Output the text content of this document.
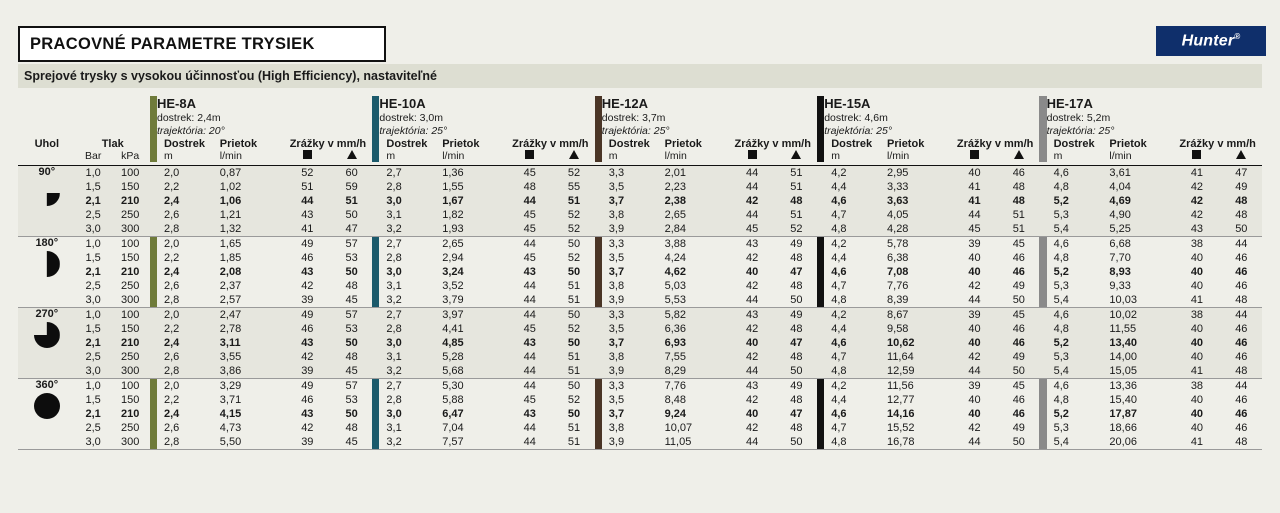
PRACOVNÉ PARAMETRE TRYSIEK	Hunter®
Sprejové trysky s vysokou účinnosťou (High Efficiency), nastaviteľné

HE-8A
dostrek: 2,4m
trajektória: 20°

HE-10A
dostrek: 3,0m
trajektória: 25°

HE-12A
dostrek: 3,7m
trajektória: 25°

HE-15A
dostrek: 4,6m
trajektória: 25°

HE-17A
dostrek: 5,2m
trajektória: 25°

Uhol	Tlak			Dostrek	Prietok	Zrážky v mm/h			Dostrek	Prietok	Zrážky v mm/h			Dostrek	Prietok	Zrážky v mm/h			Dostrek	Prietok	Zrážky v mm/h			Dostrek	Prietok	Zrážky v mm/h	
	Bar	kPa		m	l/min				m	l/min				m	l/min				m	l/min				m	l/min		

90°	1,0	100		2,0	0,87	52	60		2,7	1,36	45	52		3,3	2,01	44	51		4,2	2,95	40	46		4,6	3,61	41	47
	1,5	150		2,2	1,02	51	59		2,8	1,55	48	55		3,5	2,23	44	51		4,4	3,33	41	48		4,8	4,04	42	49
	2,1	210		2,4	1,06	44	51		3,0	1,67	44	51		3,7	2,38	42	48		4,6	3,63	41	48		5,2	4,69	42	48
	2,5	250		2,6	1,21	43	50		3,1	1,82	45	52		3,8	2,65	44	51		4,7	4,05	44	51		5,3	4,90	42	48
	3,0	300		2,8	1,32	41	47		3,2	1,93	45	52		3,9	2,84	45	52		4,8	4,28	45	51		5,4	5,25	43	50

180°	1,0	100		2,0	1,65	49	57		2,7	2,65	44	50		3,3	3,88	43	49		4,2	5,78	39	45		4,6	6,68	38	44
	1,5	150		2,2	1,85	46	53		2,8	2,94	45	52		3,5	4,24	42	48		4,4	6,38	40	46		4,8	7,70	40	46
	2,1	210		2,4	2,08	43	50		3,0	3,24	43	50		3,7	4,62	40	47		4,6	7,08	40	46		5,2	8,93	40	46
	2,5	250		2,6	2,37	42	48		3,1	3,52	44	51		3,8	5,03	42	48		4,7	7,76	42	49		5,3	9,33	40	46
	3,0	300		2,8	2,57	39	45		3,2	3,79	44	51		3,9	5,53	44	50		4,8	8,39	44	50		5,4	10,03	41	48

270°	1,0	100		2,0	2,47	49	57		2,7	3,97	44	50		3,3	5,82	43	49		4,2	8,67	39	45		4,6	10,02	38	44
	1,5	150		2,2	2,78	46	53		2,8	4,41	45	52		3,5	6,36	42	48		4,4	9,58	40	46		4,8	11,55	40	46
	2,1	210		2,4	3,11	43	50		3,0	4,85	43	50		3,7	6,93	40	47		4,6	10,62	40	46		5,2	13,40	40	46
	2,5	250		2,6	3,55	42	48		3,1	5,28	44	51		3,8	7,55	42	48		4,7	11,64	42	49		5,3	14,00	40	46
	3,0	300		2,8	3,86	39	45		3,2	5,68	44	51		3,9	8,29	44	50		4,8	12,59	44	50		5,4	15,05	41	48

360°	1,0	100		2,0	3,29	49	57		2,7	5,30	44	50		3,3	7,76	43	49		4,2	11,56	39	45		4,6	13,36	38	44
	1,5	150		2,2	3,71	46	53		2,8	5,88	45	52		3,5	8,48	42	48		4,4	12,77	40	46		4,8	15,40	40	46
	2,1	210		2,4	4,15	43	50		3,0	6,47	43	50		3,7	9,24	40	47		4,6	14,16	40	46		5,2	17,87	40	46
	2,5	250		2,6	4,73	42	48		3,1	7,04	44	51		3,8	10,07	42	48		4,7	15,52	42	49		5,3	18,66	40	46
	3,0	300		2,8	5,50	39	45		3,2	7,57	44	51		3,9	11,05	44	50		4,8	16,78	44	50		5,4	20,06	41	48
